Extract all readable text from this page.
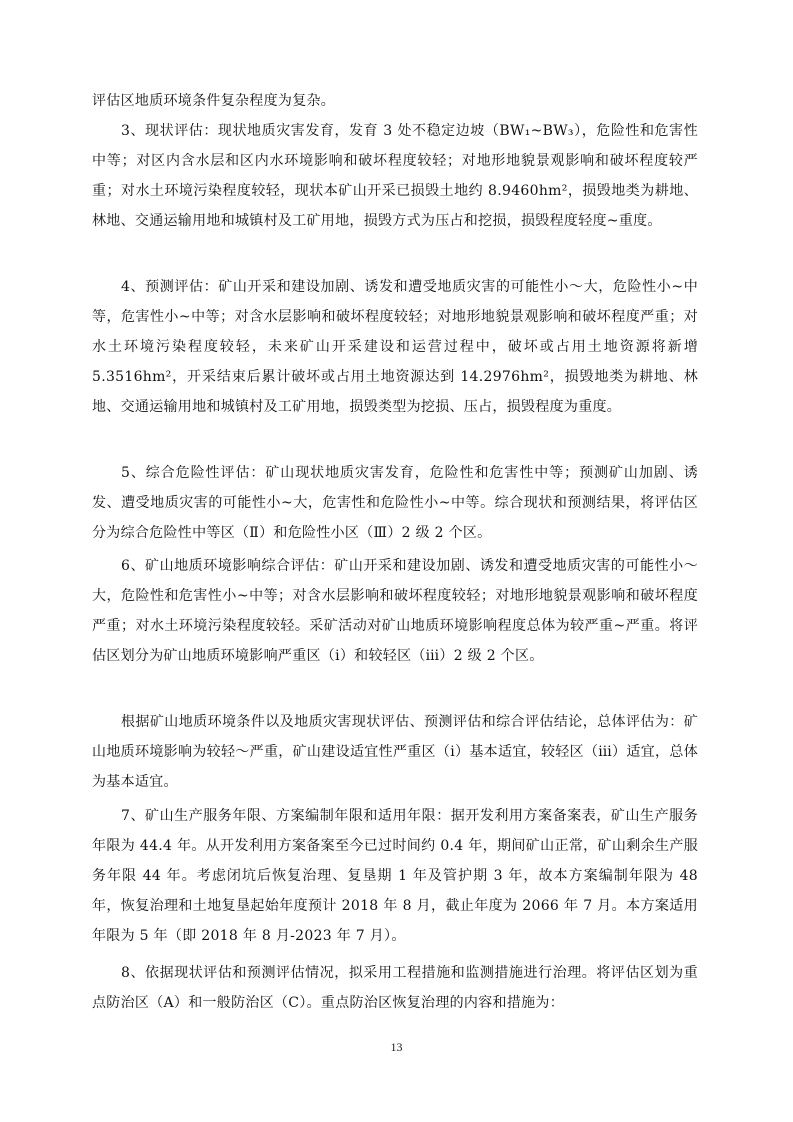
评估区地质环境条件复杂程度为复杂。

3、现状评估：现状地质灾害发育，发育 3 处不稳定边坡（BW₁~BW₃），危险性和危害性中等；对区内含水层和区内水环境影响和破坏程度较轻；对地形地貌景观影响和破坏程度较严重；对水土环境污染程度较轻，现状本矿山开采已损毁土地约 8.9460hm²，损毁地类为耕地、林地、交通运输用地和城镇村及工矿用地，损毁方式为压占和挖损，损毁程度轻度~重度。

4、预测评估：矿山开采和建设加剧、诱发和遭受地质灾害的可能性小～大，危险性小~中等，危害性小~中等；对含水层影响和破坏程度较轻；对地形地貌景观影响和破坏程度严重；对水土环境污染程度较轻，未来矿山开采建设和运营过程中，破坏或占用土地资源将新增 5.3516hm²，开采结束后累计破坏或占用土地资源达到 14.2976hm²，损毁地类为耕地、林地、交通运输用地和城镇村及工矿用地，损毁类型为挖损、压占，损毁程度为重度。

5、综合危险性评估：矿山现状地质灾害发育，危险性和危害性中等；预测矿山加剧、诱发、遭受地质灾害的可能性小~大，危害性和危险性小~中等。综合现状和预测结果，将评估区分为综合危险性中等区（Ⅱ）和危险性小区（Ⅲ）2 级 2 个区。

6、矿山地质环境影响综合评估：矿山开采和建设加剧、诱发和遭受地质灾害的可能性小～大，危险性和危害性小~中等；对含水层影响和破坏程度较轻；对地形地貌景观影响和破坏程度严重；对水土环境污染程度较轻。采矿活动对矿山地质环境影响程度总体为较严重~严重。将评估区划分为矿山地质环境影响严重区（ⅰ）和较轻区（ⅲ）2 级 2 个区。

根据矿山地质环境条件以及地质灾害现状评估、预测评估和综合评估结论，总体评估为：矿山地质环境影响为较轻～严重，矿山建设适宜性严重区（ⅰ）基本适宜，较轻区（ⅲ）适宜，总体为基本适宜。

7、矿山生产服务年限、方案编制年限和适用年限：据开发利用方案备案表，矿山生产服务年限为 44.4 年。从开发利用方案备案至今已过时间约 0.4 年，期间矿山正常，矿山剩余生产服务年限 44 年。考虑闭坑后恢复治理、复垦期 1 年及管护期 3 年，故本方案编制年限为 48 年，恢复治理和土地复垦起始年度预计 2018 年 8 月，截止年度为 2066 年 7 月。本方案适用年限为 5 年（即 2018 年 8 月-2023 年 7 月）。

8、依据现状评估和预测评估情况，拟采用工程措施和监测措施进行治理。将评估区划为重点防治区（A）和一般防治区（C）。重点防治区恢复治理的内容和措施为：

13
